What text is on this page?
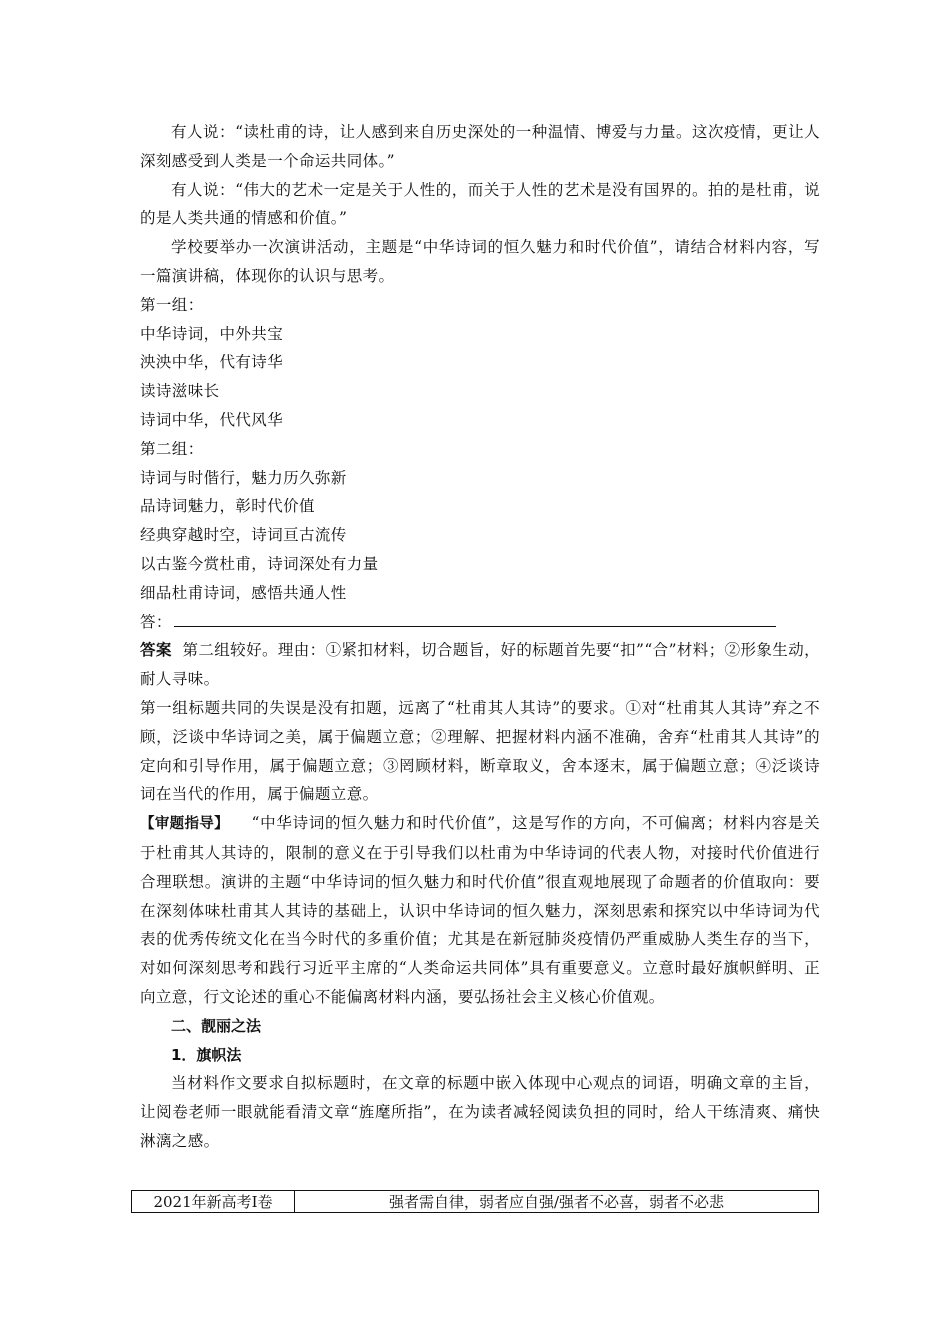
有人说：“读杜甫的诗，让人感到来自历史深处的一种温情、博爱与力量。这次疫情，更让人深刻感受到人类是一个命运共同体。”

有人说：“伟大的艺术一定是关于人性的，而关于人性的艺术是没有国界的。拍的是杜甫，说的是人类共通的情感和价值。”

学校要举办一次演讲活动，主题是“中华诗词的恒久魅力和时代价值”，请结合材料内容，写一篇演讲稿，体现你的认识与思考。

第一组：

中华诗词，中外共宝

泱泱中华，代有诗华

读诗滋味长

诗词中华，代代风华

第二组：

诗词与时偕行，魅力历久弥新

品诗词魅力，彰时代价值

经典穿越时空，诗词亘古流传

以古鉴今赏杜甫，诗词深处有力量

细品杜甫诗词，感悟共通人性

答：

答案 第二组较好。理由：①紧扣材料，切合题旨，好的标题首先要“扣”“合”材料；②形象生动，耐人寻味。

第一组标题共同的失误是没有扣题，远离了“杜甫其人其诗”的要求。①对“杜甫其人其诗”弃之不顾，泛谈中华诗词之美，属于偏题立意；②理解、把握材料内涵不准确，舍弃“杜甫其人其诗”的定向和引导作用，属于偏题立意；③罔顾材料，断章取义，舍本逐末，属于偏题立意；④泛谈诗词在当代的作用，属于偏题立意。

【审题指导】 “中华诗词的恒久魅力和时代价值”，这是写作的方向，不可偏离；材料内容是关于杜甫其人其诗的，限制的意义在于引导我们以杜甫为中华诗词的代表人物，对接时代价值进行合理联想。演讲的主题“中华诗词的恒久魅力和时代价值”很直观地展现了命题者的价值取向：要在深刻体味杜甫其人其诗的基础上，认识中华诗词的恒久魅力，深刻思索和探究以中华诗词为代表的优秀传统文化在当今时代的多重价值；尤其是在新冠肺炎疫情仍严重威胁人类生存的当下，对如何深刻思考和践行习近平主席的“人类命运共同体”具有重要意义。立意时最好旗帜鲜明、正向立意，行文论述的重心不能偏离材料内涵，要弘扬社会主义核心价值观。

二、靓丽之法

1．旗帜法

当材料作文要求自拟标题时，在文章的标题中嵌入体现中心观点的词语，明确文章的主旨，让阅卷老师一眼就能看清文章“旌麾所指”，在为读者减轻阅读负担的同时，给人干练清爽、痛快淋漓之感。

2021年新高考Ⅰ卷	强者需自律，弱者应自强/强者不必喜，弱者不必悲
